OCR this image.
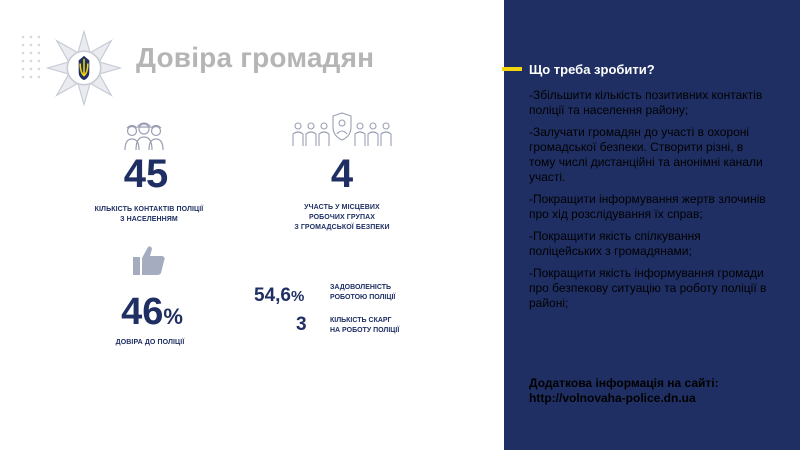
Довіра громадян
45
КІЛЬКІСТЬ КОНТАКТІВ ПОЛІЦІЇ
З НАСЕЛЕННЯМ
4
УЧАСТЬ У МІСЦЕВИХ
РОБОЧИХ ГРУПАХ
З ГРОМАДСЬКОЇ БЕЗПЕКИ
46%
ДОВІРА ДО ПОЛІЦІЇ
54,6%
ЗАДОВОЛЕНІСТЬ
РОБОТОЮ ПОЛІЦІЇ
3	КІЛЬКІСТЬ СКАРГ
НА РОБОТУ ПОЛІЦІЇ
Що треба зробити?
-Збільшити кількість позитивних контактів поліції та населення району;
-Залучати громадян до участі в охороні громадської безпеки. Створити різні, в тому числі дистанційні та анонімні канали участі.
-Покращити інформування жертв злочинів про хід розслідування їх справ;
-Покращити якість спілкування поліцейських з громадянами;
-Покращити якість інформування громади про безпекову ситуацію та роботу поліції в районі;
Додаткова інформація на сайті:
http://volnovaha-police.dn.ua
